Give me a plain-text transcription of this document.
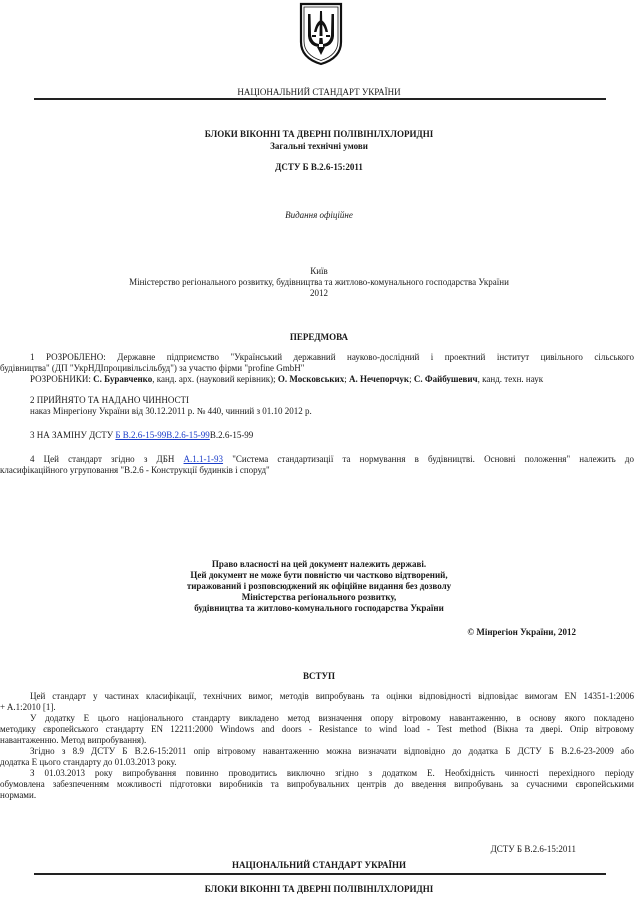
НАЦІОНАЛЬНИЙ СТАНДАРТ УКРАЇНИ
БЛОКИ ВІКОННІ ТА ДВЕРНІ ПОЛІВІНІЛХЛОРИДНІ
Загальні технічні умови
ДСТУ Б В.2.6-15:2011
Видання офіційне
Київ
Міністерство регіонального розвитку, будівництва та житлово-комунального господарства України
2012
ПЕРЕДМОВА
1 РОЗРОБЛЕНО: Державне підприємство "Український державний науково-дослідний і проектний інститут цивільного сільського
будівництва" (ДП "УкрНДІпроцивільсільбуд") за участю фірми "profine GmbH"
РОЗРОБНИКИ: С. Буравченко, канд. арх. (науковий керівник); О. Московських; А. Нечепорчук; С. Файбушевич, канд. техн. наук
2 ПРИЙНЯТО ТА НАДАНО ЧИННОСТІ
наказ Мінрегіону України від 30.12.2011 р. № 440, чинний з 01.10 2012 р.
3 НА ЗАМІНУ ДСТУ Б В.2.6-15-99В.2.6-15-99В.2.6-15-99
4 Цей стандарт згідно з ДБН А.1.1-1-93 "Система стандартизації та нормування в будівництві. Основні положення" належить до
класифікаційного угруповання "В.2.6 - Конструкції будинків і споруд"
Право власності на цей документ належить державі.
Цей документ не може бути повністю чи частково відтворений,
тиражований і розповсюджений як офіційне видання без дозволу
Міністерства регіонального розвитку,
будівництва та житлово-комунального господарства України
© Мінрегіон України, 2012
ВСТУП
Цей стандарт у частинах класифікації, технічних вимог, методів випробувань та оцінки відповідності відповідає вимогам EN 14351-1:2006
+ A.1:2010 [1].
У додатку Е цього національного стандарту викладено метод визначення опору вітровому навантаженню, в основу якого покладено
методику європейського стандарту EN 12211:2000 Windows and doors - Resistance to wind load - Test method (Вікна та двері. Опір вітровому
навантаженню. Метод випробування).
Згідно з 8.9 ДСТУ Б В.2.6-15:2011 опір вітровому навантаженню можна визначати відповідно до додатка Б ДСТУ Б В.2.6-23-2009 або
додатка Е цього стандарту до 01.03.2013 року.
З 01.03.2013 року випробування повинно проводитись виключно згідно з додатком Е. Необхідність чинності перехідного періоду
обумовлена забезпеченням можливості підготовки виробників та випробувальних центрів до введення випробувань за сучасними європейськими
нормами.
ДСТУ Б В.2.6-15:2011
НАЦІОНАЛЬНИЙ СТАНДАРТ УКРАЇНИ
БЛОКИ ВІКОННІ ТА ДВЕРНІ ПОЛІВІНІЛХЛОРИДНІ
